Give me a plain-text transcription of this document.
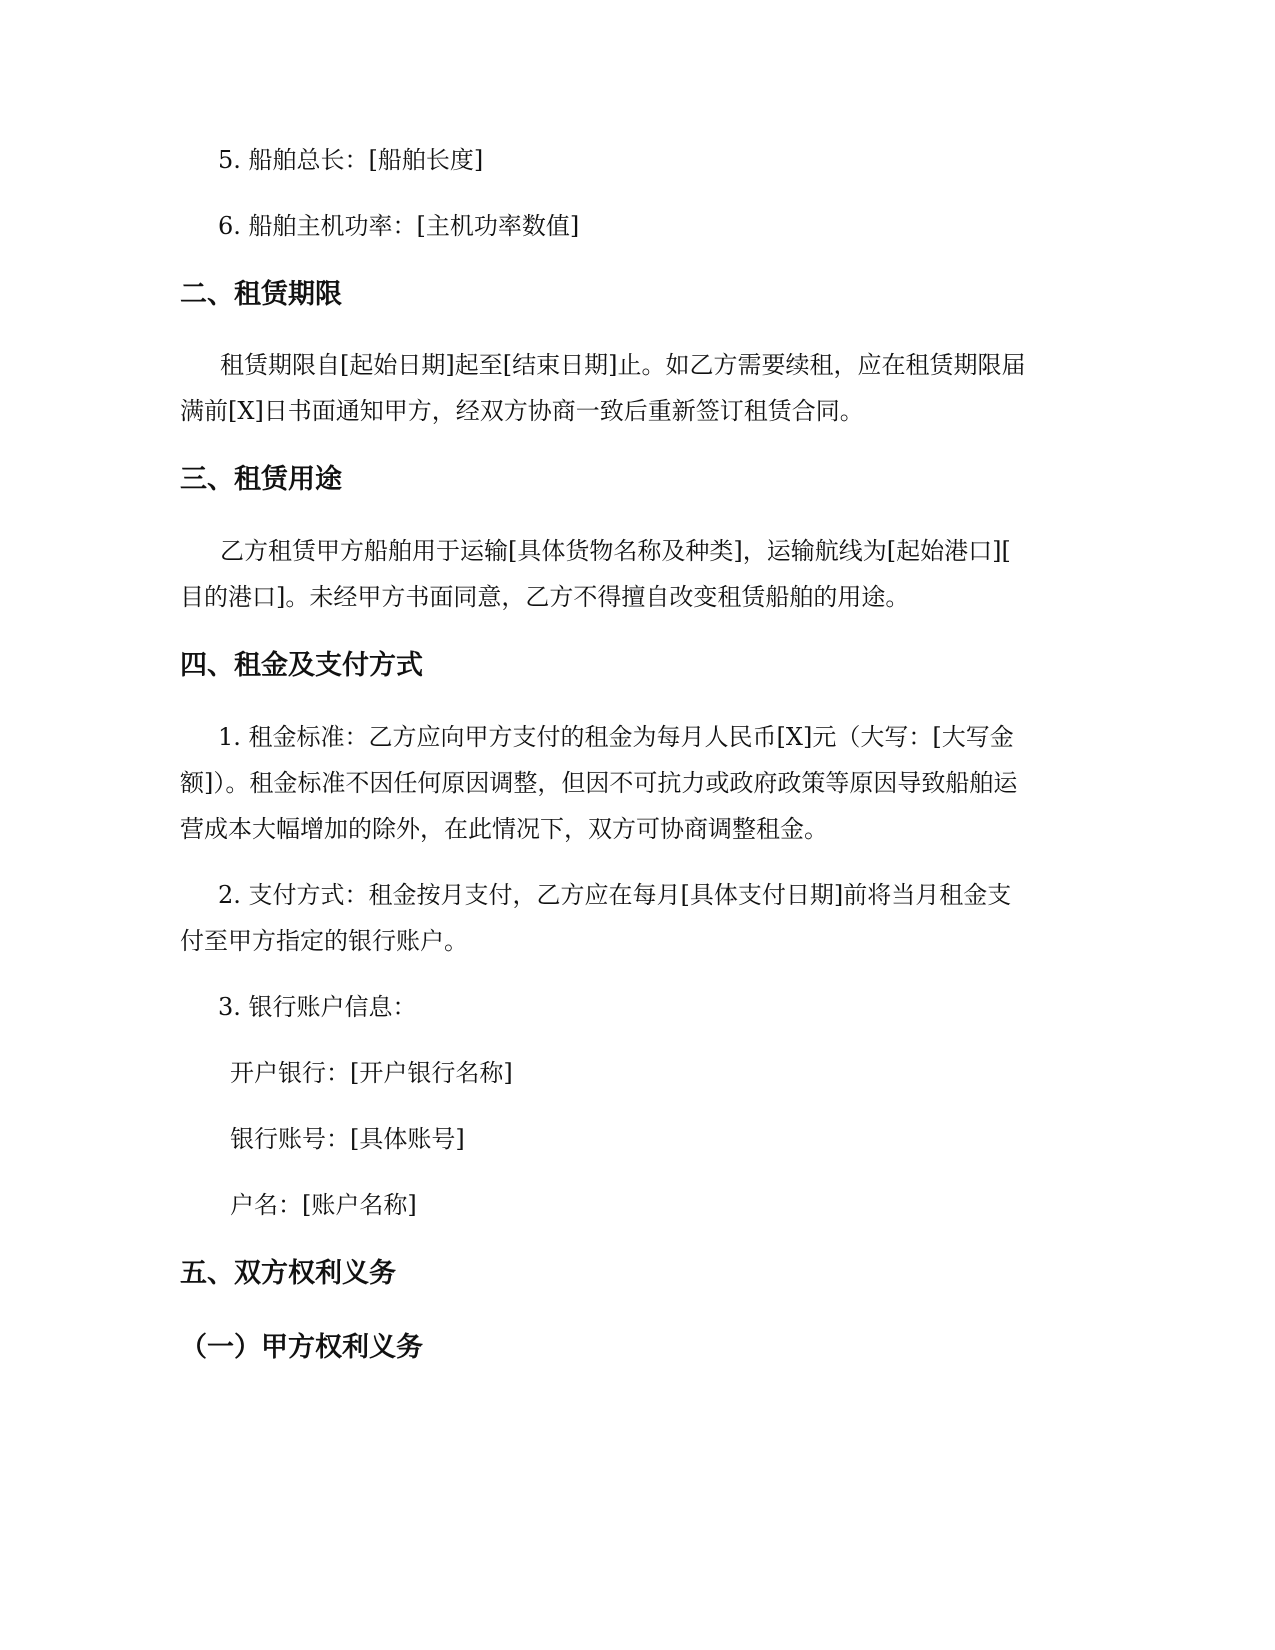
5. 船舶总长：[船舶长度]
6. 船舶主机功率：[主机功率数值]
二、租赁期限
租赁期限自[起始日期]起至[结束日期]止。如乙方需要续租，应在租赁期限届
满前[X]日书面通知甲方，经双方协商一致后重新签订租赁合同。
三、租赁用途
乙方租赁甲方船舶用于运输[具体货物名称及种类]，运输航线为[起始港口][
目的港口]。未经甲方书面同意，乙方不得擅自改变租赁船舶的用途。
四、租金及支付方式
1. 租金标准：乙方应向甲方支付的租金为每月人民币[X]元（大写：[大写金
额]）。租金标准不因任何原因调整，但因不可抗力或政府政策等原因导致船舶运
营成本大幅增加的除外，在此情况下，双方可协商调整租金。
2. 支付方式：租金按月支付，乙方应在每月[具体支付日期]前将当月租金支
付至甲方指定的银行账户。
3. 银行账户信息：
开户银行：[开户银行名称]
银行账号：[具体账号]
户名：[账户名称]
五、双方权利义务
（一）甲方权利义务
